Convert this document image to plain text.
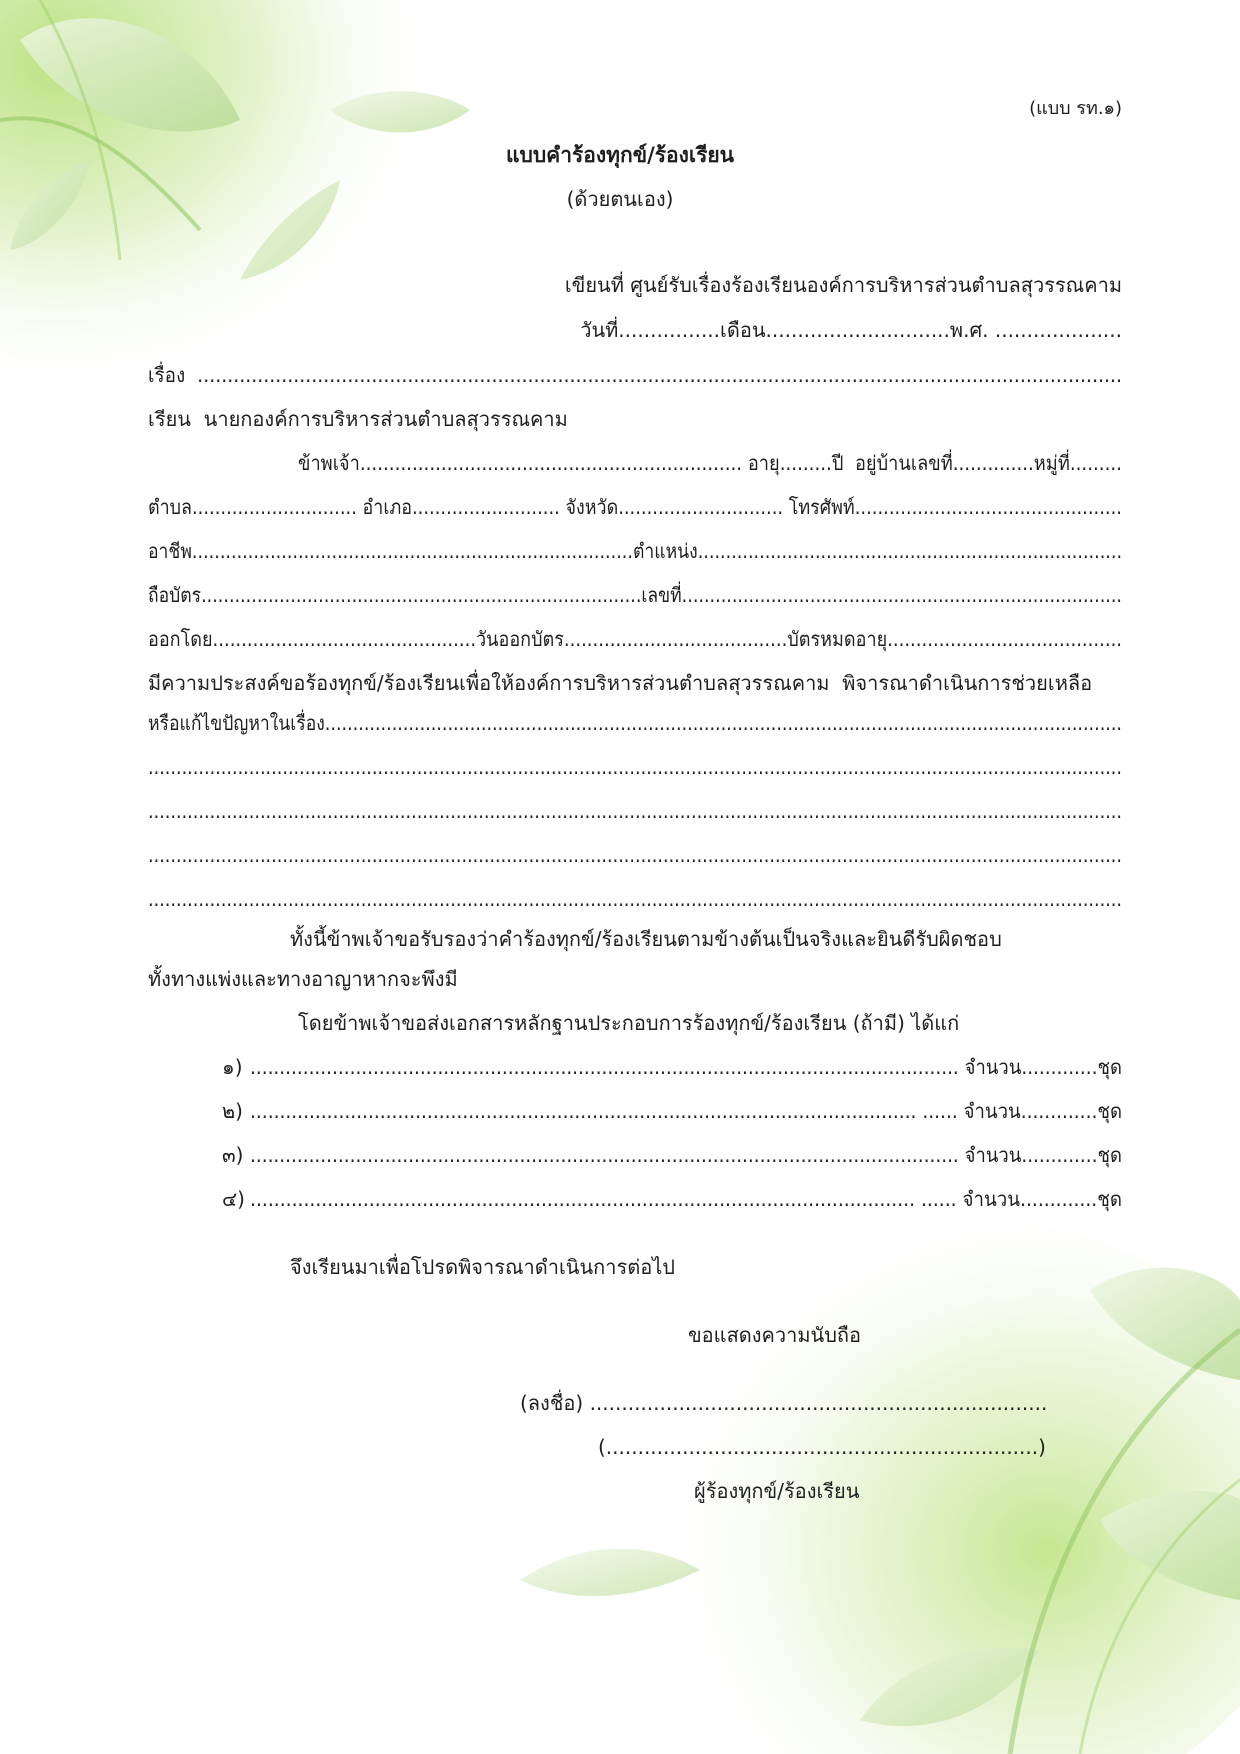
(แบบ รท.๑)
แบบคำร้องทุกข์/ร้องเรียน
(ด้วยตนเอง)
เขียนที่ ศูนย์รับเรื่องร้องเรียนองค์การบริหารส่วนตำบลสุวรรณคาม
วันที่................เดือน.............................พ.ศ. ....................
เรื่อง  ..........................................................................................................................................................
เรียน  นายกองค์การบริหารส่วนตำบลสุวรรณคาม
ข้าพเจ้า.................................................................. อายุ.........ปี  อยู่บ้านเลขที่..............หมู่ที่.........
ตำบล............................. อำเภอ.......................... จังหวัด............................. โทรศัพท์...............................................
อาชีพ...............................................................................ตำแหน่ง............................................................................
ถือบัตร...............................................................................เลขที่...............................................................................
ออกโดย..............................................วันออกบัตร.......................................บัตรหมดอายุ.........................................
มีความประสงค์ขอร้องทุกข์/ร้องเรียนเพื่อให้องค์การบริหารส่วนตำบลสุวรรณคาม  พิจารณาดำเนินการช่วยเหลือ
หรือแก้ไขปัญหาในเรื่อง...............................................................................................................................................
..............................................................................................................................................................................
..............................................................................................................................................................................
..............................................................................................................................................................................
..............................................................................................................................................................................
ทั้งนี้ข้าพเจ้าขอรับรองว่าคำร้องทุกข์/ร้องเรียนตามข้างต้นเป็นจริงและยินดีรับผิดชอบ
ทั้งทางแพ่งและทางอาญาหากจะพึงมี
โดยข้าพเจ้าขอส่งเอกสารหลักฐานประกอบการร้องทุกข์/ร้องเรียน (ถ้ามี) ได้แก่
๑) ......................................................................................................................... จำนวน.............ชุด
๒) ................................................................................................................. ...... จำนวน.............ชุด
๓) ......................................................................................................................... จำนวน.............ชุด
๔) ................................................................................................................ ...... จำนวน.............ชุด
จึงเรียนมาเพื่อโปรดพิจารณาดำเนินการต่อไป
ขอแสดงความนับถือ
(ลงชื่อ) ........................................................................
(....................................................................)
ผู้ร้องทุกข์/ร้องเรียน
